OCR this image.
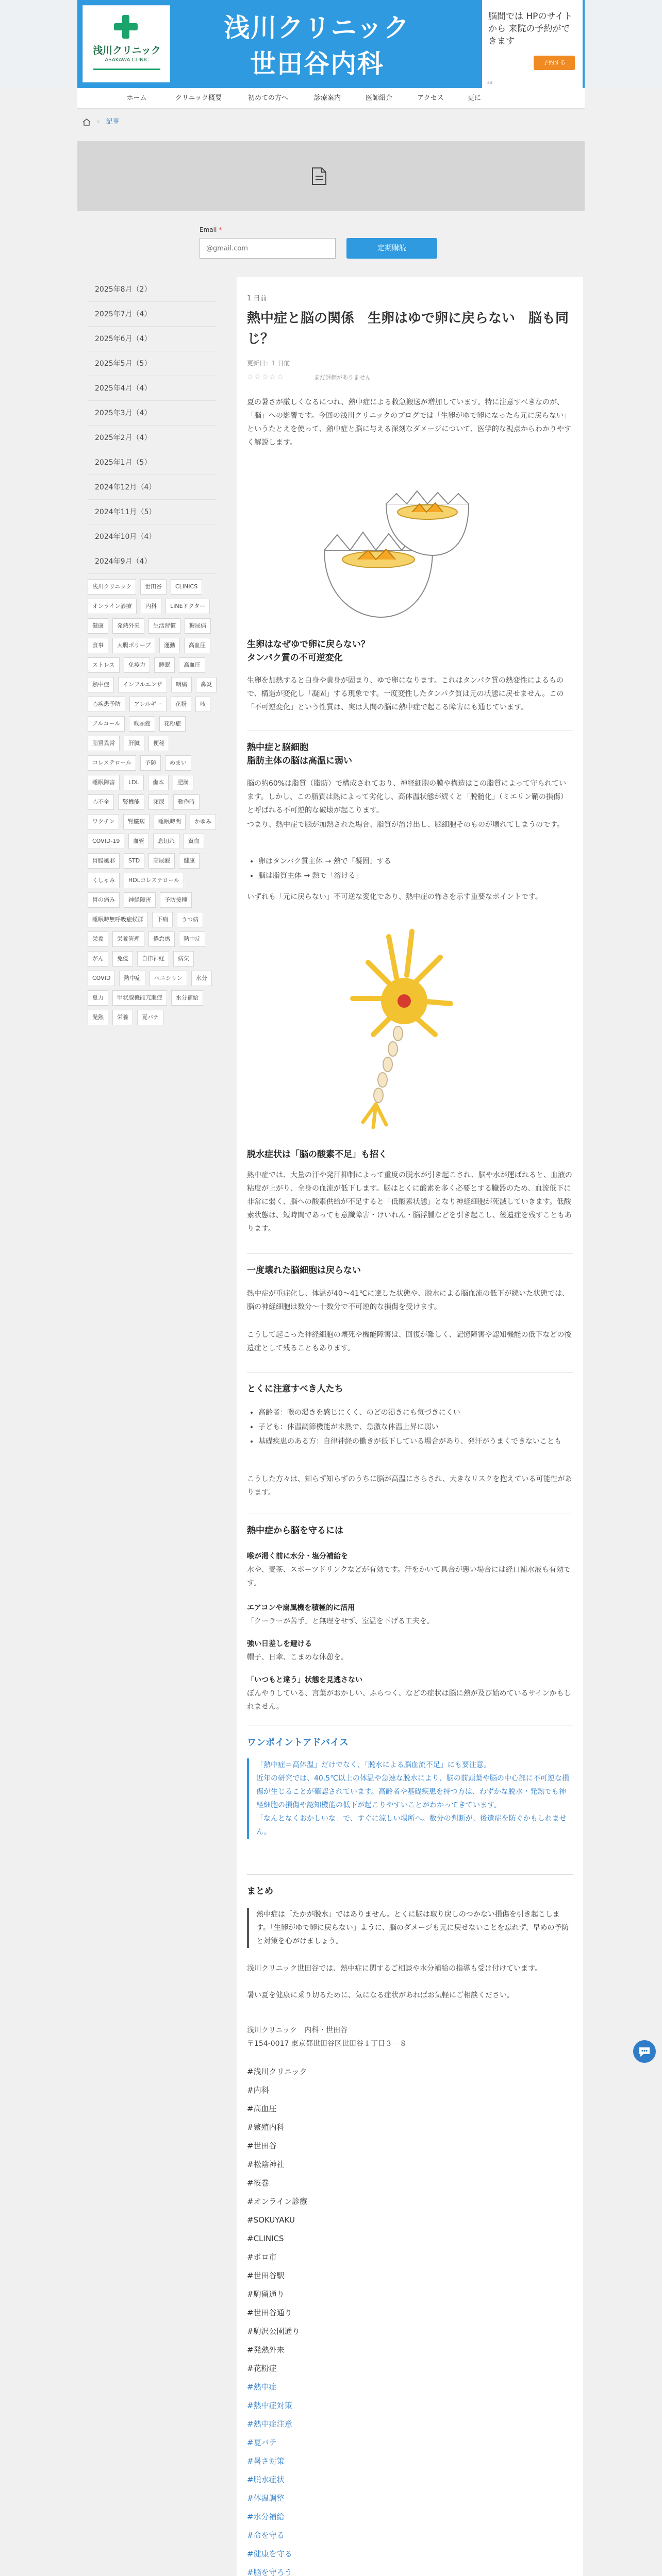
浅川クリニック
ASAKAWA CLINIC
浅川クリニック
世田谷内科
脳間では HPのサイトから 来院の予約ができます
予約する
ad
ホーム	クリニック概要	初めての方へ	診療案内	医師紹介	アクセス	更に
› 記事
Email *
@gmail.com
定期購読
2025年8月（2）
2025年7月（4）
2025年6月（4）
2025年5月（5）
2025年4月（4）
2025年3月（4）
2025年2月（4）
2025年1月（5）
2024年12月（4）
2024年11月（5）
2024年10月（4）
2024年9月（4）
浅川クリニック	世田谷	CLINICS
オンライン診療	内科	LINEドクター
健康	発熱外来	生活習慣	糖尿病
食事	大腸ポリープ	運動	高血圧
ストレス	免疫力	睡眠	高血圧
熱中症	インフルエンザ	咽痛	鼻炎
心疾患予防	アレルギー	花粉	咳
アルコール	喉頭癌	花粉症
脂質異常	肝臓	便秘
コレステロール	予防	めまい
睡眠障害	LDL	歯本	肥満
心不全	腎機能	頻尿	動作時
ワクチン	腎臓病	睡眠時間	かゆみ
COVID-19	血管	息切れ	貧血
胃腸風邪	STD	高尿酸	健康
くしゃみ	HDLコレステロール
胃の痛み	神経障害	予防接種
睡眠時無呼吸症候群	下痢	うつ病
栄養	栄養管理	倦怠感	熱中症
がん	免疫	自律神経	病気
COVID	熱中症	ペニシリン	水分
夏力	甲状腺機能亢進症	水分補給
発熱	栄養	夏バテ
1 日前
熱中症と脳の関係　生卵はゆで卵に戻らない　脳も同じ？
更新日：1 日前
☆☆☆☆☆	まだ評価がありません
夏の暑さが厳しくなるにつれ、熱中症による救急搬送が増加しています。特に注意すべきなのが、「脳」への影響です。今回の浅川クリニックのブログでは「生卵がゆで卵になったら元に戻らない」というたとえを使って、熱中症と脳に与える深刻なダメージについて、医学的な視点からわかりやすく解説します。
生卵はなぜゆで卵に戻らない？
タンパク質の不可逆変化
生卵を加熱すると白身や黄身が固まり、ゆで卵になります。これはタンパク質の熱変性によるもので、構造が変化し「凝固」する現象です。一度変性したタンパク質は元の状態に戻せません。この「不可逆変化」という性質は、実は人間の脳に熱中症で起こる障害にも通じています。
熱中症と脳細胞
脂肪主体の脳は高温に弱い
脳の約60%は脂質（脂肪）で構成されており、神経細胞の膜や構造はこの脂質によって守られています。しかし、この脂質は熱によって劣化し、高体温状態が続くと「脱髄化」（ミエリン鞘の損傷）と呼ばれる不可逆的な破壊が起こります。
つまり、熱中症で脳が加熱された場合、脂質が溶け出し、脳細胞そのものが壊れてしまうのです。
• 卵はタンパク質主体 → 熱で「凝固」する
• 脳は脂質主体 → 熱で「溶ける」
いずれも「元に戻らない」不可逆な変化であり、熱中症の怖さを示す重要なポイントです。
脱水症状は「脳の酸素不足」も招く
熱中症では、大量の汗や発汗抑制によって重度の脱水が引き起こされ、脳や水が運ばれると、血液の粘度が上がり、全身の血流が低下します。脳はとくに酸素を多く必要とする臓器のため、血流低下に非常に弱く、脳への酸素供給が不足すると「低酸素状態」となり神経細胞が死滅していきます。低酸素状態は、短時間であっても意識障害・けいれん・脳浮腫などを引き起こし、後遺症を残すこともあります。
一度壊れた脳細胞は戻らない
熱中症が重症化し、体温が40〜41℃に達した状態や、脱水による脳血流の低下が続いた状態では、脳の神経細胞は数分〜十数分で不可逆的な損傷を受けます。
こうして起こった神経細胞の壊死や機能障害は、回復が難しく、記憶障害や認知機能の低下などの後遺症として残ることもあります。
とくに注意すべき人たち
• 高齢者：喉の渇きを感じにくく、のどの渇きにも気づきにくい
• 子ども：体温調節機能が未熟で、急激な体温上昇に弱い
• 基礎疾患のある方：自律神経の働きが低下している場合があり、発汗がうまくできないことも
こうした方々は、知らず知らずのうちに脳が高温にさらされ、大きなリスクを抱えている可能性があります。
熱中症から脳を守るには
喉が渇く前に水分・塩分補給を
水や、麦茶、スポーツドリンクなどが有効です。汗をかいて具合が悪い場合には経口補水液も有効です。
エアコンや扇風機を積極的に活用
「クーラーが苦手」と無理をせず、室温を下げる工夫を。
強い日差しを避ける
帽子、日傘、こまめな休憩を。
「いつもと違う」状態を見逃さない
ぼんやりしている、言葉がおかしい、ふらつく、などの症状は脳に熱が及び始めているサインかもしれません。
ワンポイントアドバイス
「熱中症＝高体温」だけでなく、「脱水による脳血流不足」にも要注意。
近年の研究では、40.5℃以上の体温や急速な脱水により、脳の前頭葉や脳の中心部に不可逆な損傷が生じることが確認されています。高齢者や基礎疾患を持つ方は、わずかな脱水・発熱でも神経細胞の損傷や認知機能の低下が起こりやすいことがわかってきています。
「なんとなくおかしいな」で、すぐに涼しい場所へ。数分の判断が、後遺症を防ぐかもしれません。
まとめ
熱中症は「たかが脱水」ではありません。とくに脳は取り戻しのつかない損傷を引き起こします。「生卵がゆで卵に戻らない」ように、脳のダメージも元に戻せないことを忘れず、早めの予防と対策を心がけましょう。
浅川クリニック世田谷では、熱中症に関するご相談や水分補給の指導も受け付けています。
暑い夏を健康に乗り切るために、気になる症状があればお気軽にご相談ください。
浅川クリニック　内科・世田谷
〒154-0017 東京都世田谷区世田谷１丁目３－８
#浅川クリニック
#内科
#高血圧
#繁殖内科
#世田谷
#松陰神社
#筱巻
#オンライン診療
#SOKUYAKU
#CLINICS
#ポロ市
#世田谷駅
#駒留通り
#世田谷通り
#駒沢公園通り
#発熱外来
#花粉症
#熱中症
#熱中症対策
#熱中症注意
#夏バテ
#暑さ対策
#脱水症状
#体温調整
#水分補給
#命を守る
#健康を守る
#脳を守ろう
